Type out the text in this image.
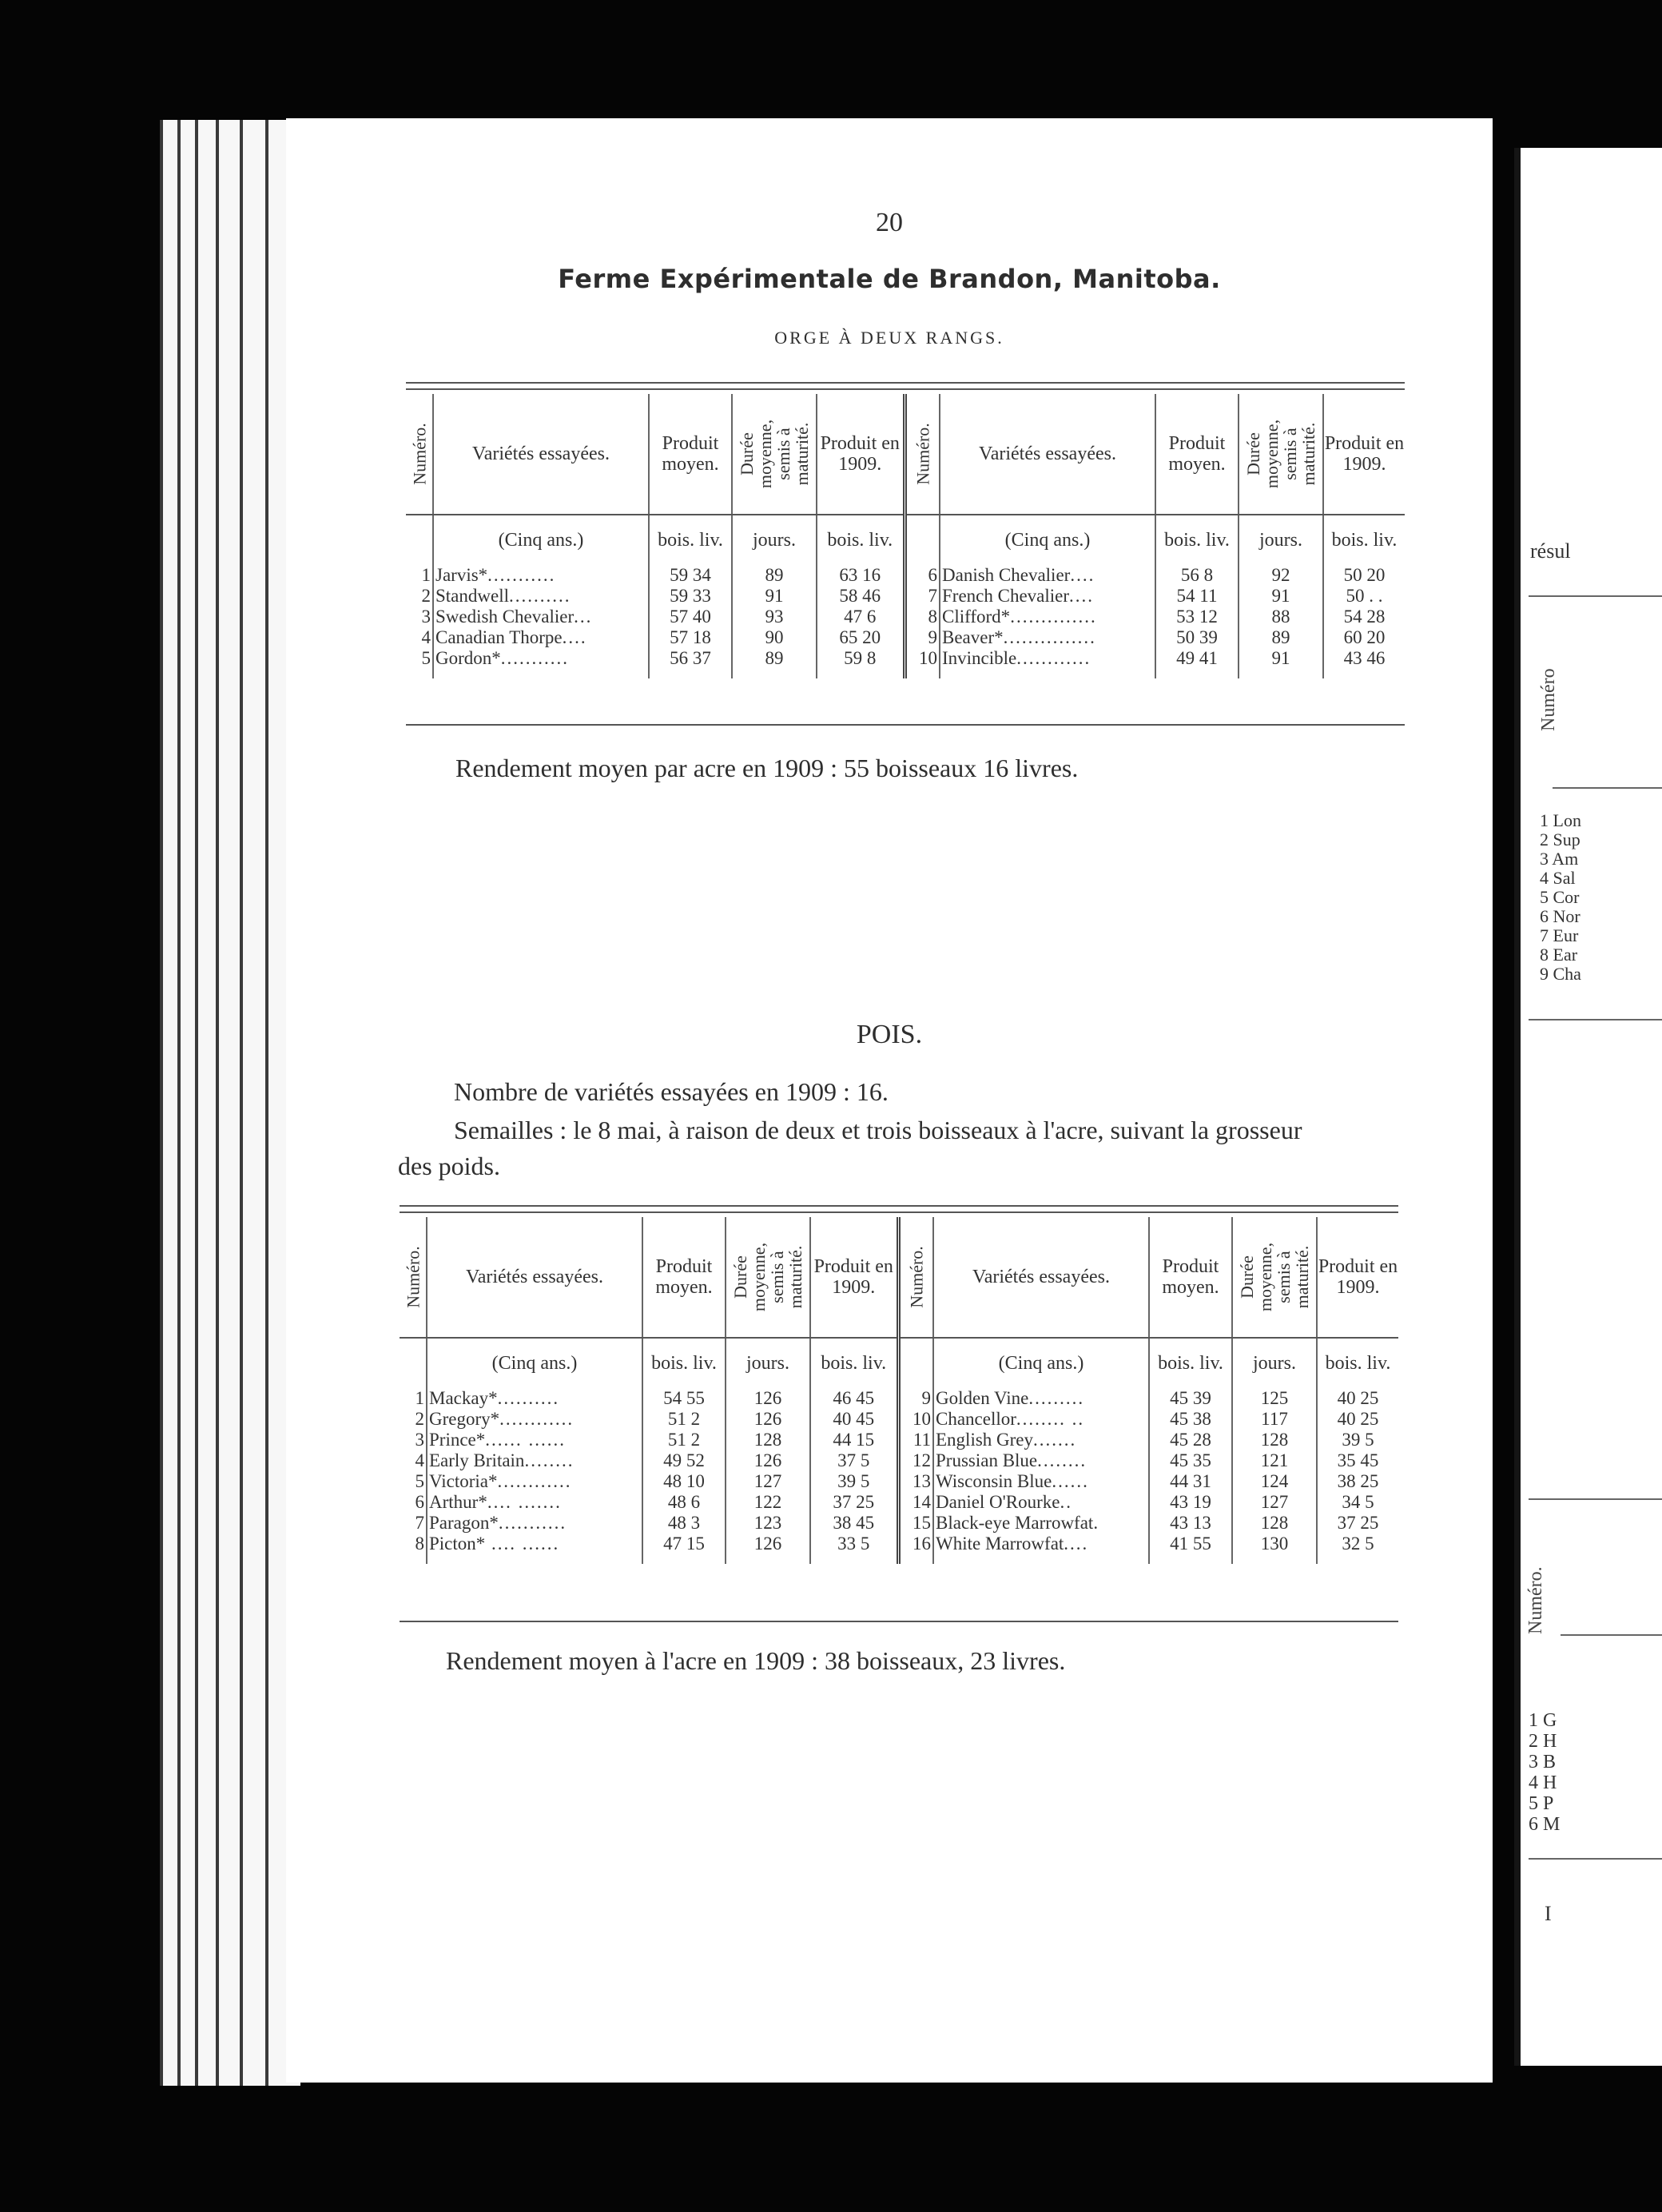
20
Ferme Expérimentale de Brandon, Manitoba.
ORGE À DEUX RANGS.
Numéro.	Variétés essayées.	Produit moyen.	Durée moyenne, semis à maturité.	Produit en 1909.	Numéro.	Variétés essayées.	Produit moyen.	Durée moyenne, semis à maturité.	Produit en 1909.
	(Cinq ans.)	bois. liv.	jours.	bois. liv.		(Cinq ans.)	bois. liv.	jours.	bois. liv.
1	Jarvis*...........	59 34	89	63 16	6	Danish Chevalier....	56 8	92	50 20
2	Standwell..........	59 33	91	58 46	7	French Chevalier....	54 11	91	50 . .
3	Swedish Chevalier...	57 40	93	47 6	8	Clifford*..............	53 12	88	54 28
4	Canadian Thorpe....	57 18	90	65 20	9	Beaver*...............	50 39	89	60 20
5	Gordon*...........	56 37	89	59 8	10	Invincible............	49 41	91	43 46
Rendement moyen par acre en 1909 : 55 boisseaux 16 livres.
POIS.
Nombre de variétés essayées en 1909 : 16.
Semailles : le 8 mai, à raison de deux et trois boisseaux à l'acre, suivant la grosseur
des poids.
Numéro.	Variétés essayées.	Produit moyen.	Durée moyenne, semis à maturité.	Produit en 1909.	Numéro.	Variétés essayées.	Produit moyen.	Durée moyenne, semis à maturité.	Produit en 1909.
	(Cinq ans.)	bois. liv.	jours.	bois. liv.		(Cinq ans.)	bois. liv.	jours.	bois. liv.
1	Mackay*..........	54 55	126	46 45	9	Golden Vine.........	45 39	125	40 25
2	Gregory*............	51 2	126	40 45	10	Chancellor........ ..	45 38	117	40 25
3	Prince*...... ......	51 2	128	44 15	11	English Grey.......	45 28	128	39 5
4	Early Britain........	49 52	126	37 5	12	Prussian Blue........	45 35	121	35 45
5	Victoria*............	48 10	127	39 5	13	Wisconsin Blue......	44 31	124	38 25
6	Arthur*.... .......	48 6	122	37 25	14	Daniel O'Rourke..	43 19	127	34 5
7	Paragon*...........	48 3	123	38 45	15	Black-eye Marrowfat.	43 13	128	37 25
8	Picton* .... ......	47 15	126	33 5	16	White Marrowfat....	41 55	130	32 5
Rendement moyen à l'acre en 1909 : 38 boisseaux, 23 livres.
résul
Numéro
1 Lon
2 Sup
3 Am
4 Sal
5 Cor
6 Nor
7 Eur
8 Ear
9 Cha
Numéro.
1 G
2 H
3 B
4 H
5 P
6 M
I
